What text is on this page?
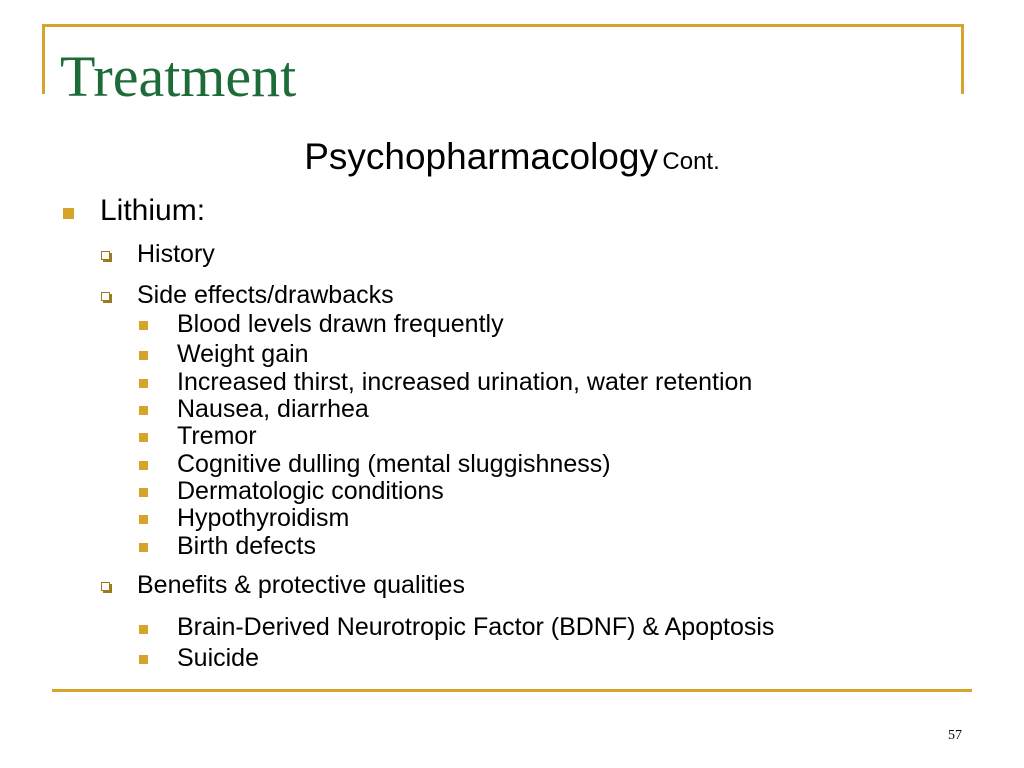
Treatment
Psychopharmacology Cont.
Lithium:
History
Side effects/drawbacks
Blood levels drawn frequently
Weight gain
Increased thirst, increased urination, water retention
Nausea, diarrhea
Tremor
Cognitive dulling (mental sluggishness)
Dermatologic conditions
Hypothyroidism
Birth defects
Benefits & protective qualities
Brain-Derived Neurotropic Factor (BDNF) & Apoptosis
Suicide
57
